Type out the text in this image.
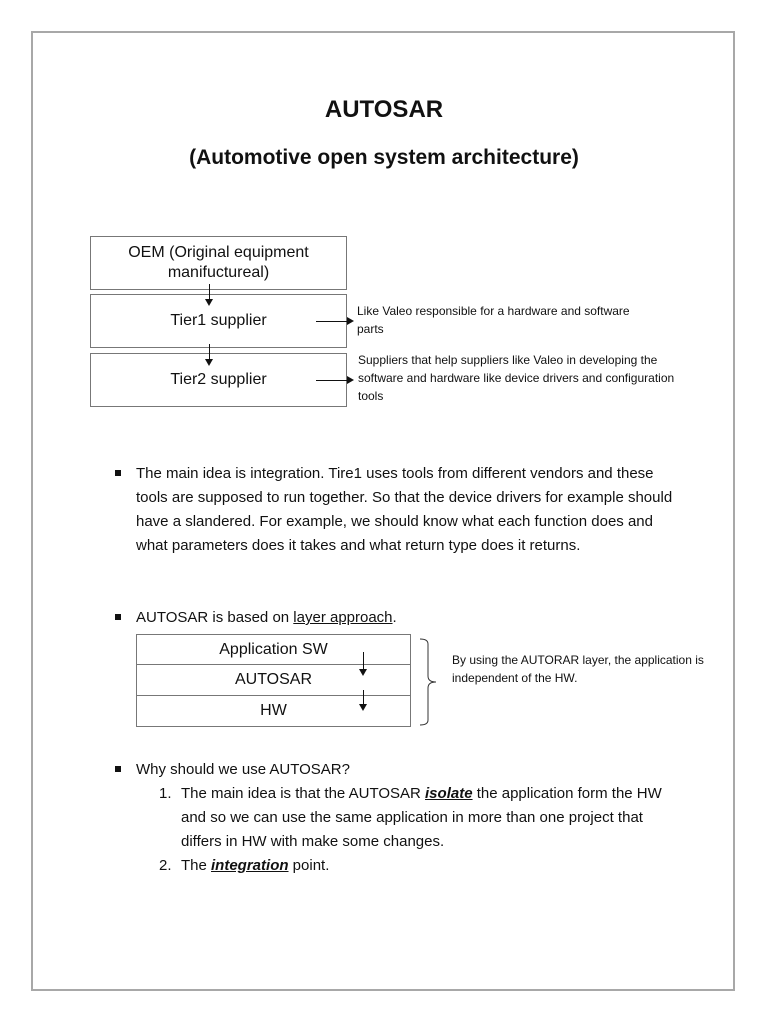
AUTOSAR
(Automotive open system architecture)
OEM (Original equipment manifuctureal)
Tier1 supplier
Tier2 supplier
Like Valeo responsible for a hardware and software parts
Suppliers that help suppliers like Valeo in developing the software and hardware like device drivers and configuration tools
The main idea is integration. Tire1 uses tools from different vendors and these tools are supposed to run together. So that the device drivers for example should have a slandered. For example, we should know what each function does and what parameters does it takes and what return type does it returns.
AUTOSAR is based on layer approach.
Application SW
AUTOSAR
HW
By using the AUTORAR layer, the application is independent of the HW.
Why should we use AUTOSAR?
1. The main idea is that the AUTOSAR isolate the application form the HW and so we can use the same application in more than one project that differs in HW with make some changes.
2. The integration point.
